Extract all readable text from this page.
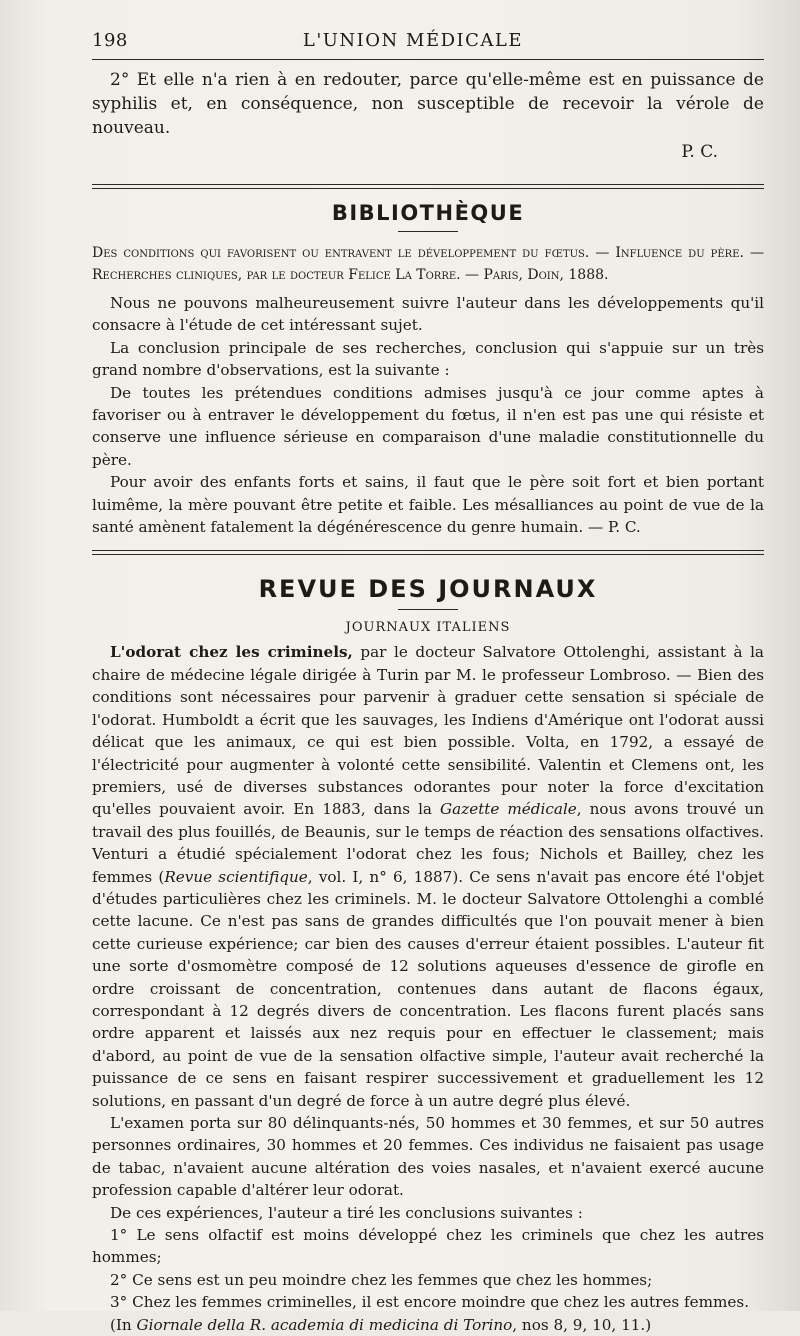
198	L'UNION MÉDICALE

2° Et elle n'a rien à en redouter, parce qu'elle-même est en puissance de syphilis et, en conséquence, non susceptible de recevoir la vérole de nouveau.

P. C.

BIBLIOTHÈQUE

Des conditions qui favorisent ou entravent le développement du fœtus. — Influence du père. — Recherches cliniques, par le docteur Felice La Torre. — Paris, Doin, 1888.

Nous ne pouvons malheureusement suivre l'auteur dans les développements qu'il consacre à l'étude de cet intéressant sujet.

La conclusion principale de ses recherches, conclusion qui s'appuie sur un très grand nombre d'observations, est la suivante :

De toutes les prétendues conditions admises jusqu'à ce jour comme aptes à favoriser ou à entraver le développement du fœtus, il n'en est pas une qui résiste et conserve une influence sérieuse en comparaison d'une maladie constitutionnelle du père.

Pour avoir des enfants forts et sains, il faut que le père soit fort et bien portant luimême, la mère pouvant être petite et faible. Les mésalliances au point de vue de la santé amènent fatalement la dégénérescence du genre humain. — P. C.

REVUE DES JOURNAUX
JOURNAUX ITALIENS

L'odorat chez les criminels, par le docteur Salvatore Ottolenghi, assistant à la chaire de médecine légale dirigée à Turin par M. le professeur Lombroso. — Bien des conditions sont nécessaires pour parvenir à graduer cette sensation si spéciale de l'odorat. Humboldt a écrit que les sauvages, les Indiens d'Amérique ont l'odorat aussi délicat que les animaux, ce qui est bien possible. Volta, en 1792, a essayé de l'électricité pour augmenter à volonté cette sensibilité. Valentin et Clemens ont, les premiers, usé de diverses substances odorantes pour noter la force d'excitation qu'elles pouvaient avoir. En 1883, dans la Gazette médicale, nous avons trouvé un travail des plus fouillés, de Beaunis, sur le temps de réaction des sensations olfactives. Venturi a étudié spécialement l'odorat chez les fous; Nichols et Bailley, chez les femmes (Revue scientifique, vol. I, n° 6, 1887). Ce sens n'avait pas encore été l'objet d'études particulières chez les criminels. M. le docteur Salvatore Ottolenghi a comblé cette lacune. Ce n'est pas sans de grandes difficultés que l'on pouvait mener à bien cette curieuse expérience; car bien des causes d'erreur étaient possibles. L'auteur fit une sorte d'osmomètre composé de 12 solutions aqueuses d'essence de girofle en ordre croissant de concentration, contenues dans autant de flacons égaux, correspondant à 12 degrés divers de concentration. Les flacons furent placés sans ordre apparent et laissés aux nez requis pour en effectuer le classement; mais d'abord, au point de vue de la sensation olfactive simple, l'auteur avait recherché la puissance de ce sens en faisant respirer successivement et graduellement les 12 solutions, en passant d'un degré de force à un autre degré plus élevé.

L'examen porta sur 80 délinquants-nés, 50 hommes et 30 femmes, et sur 50 autres personnes ordinaires, 30 hommes et 20 femmes. Ces individus ne faisaient pas usage de tabac, n'avaient aucune altération des voies nasales, et n'avaient exercé aucune profession capable d'altérer leur odorat.

De ces expériences, l'auteur a tiré les conclusions suivantes :

1° Le sens olfactif est moins développé chez les criminels que chez les autres hommes;

2° Ce sens est un peu moindre chez les femmes que chez les hommes;

3° Chez les femmes criminelles, il est encore moindre que chez les autres femmes.

(In Giornale della R. academia di medicina di Torino, nos 8, 9, 10, 11.)
